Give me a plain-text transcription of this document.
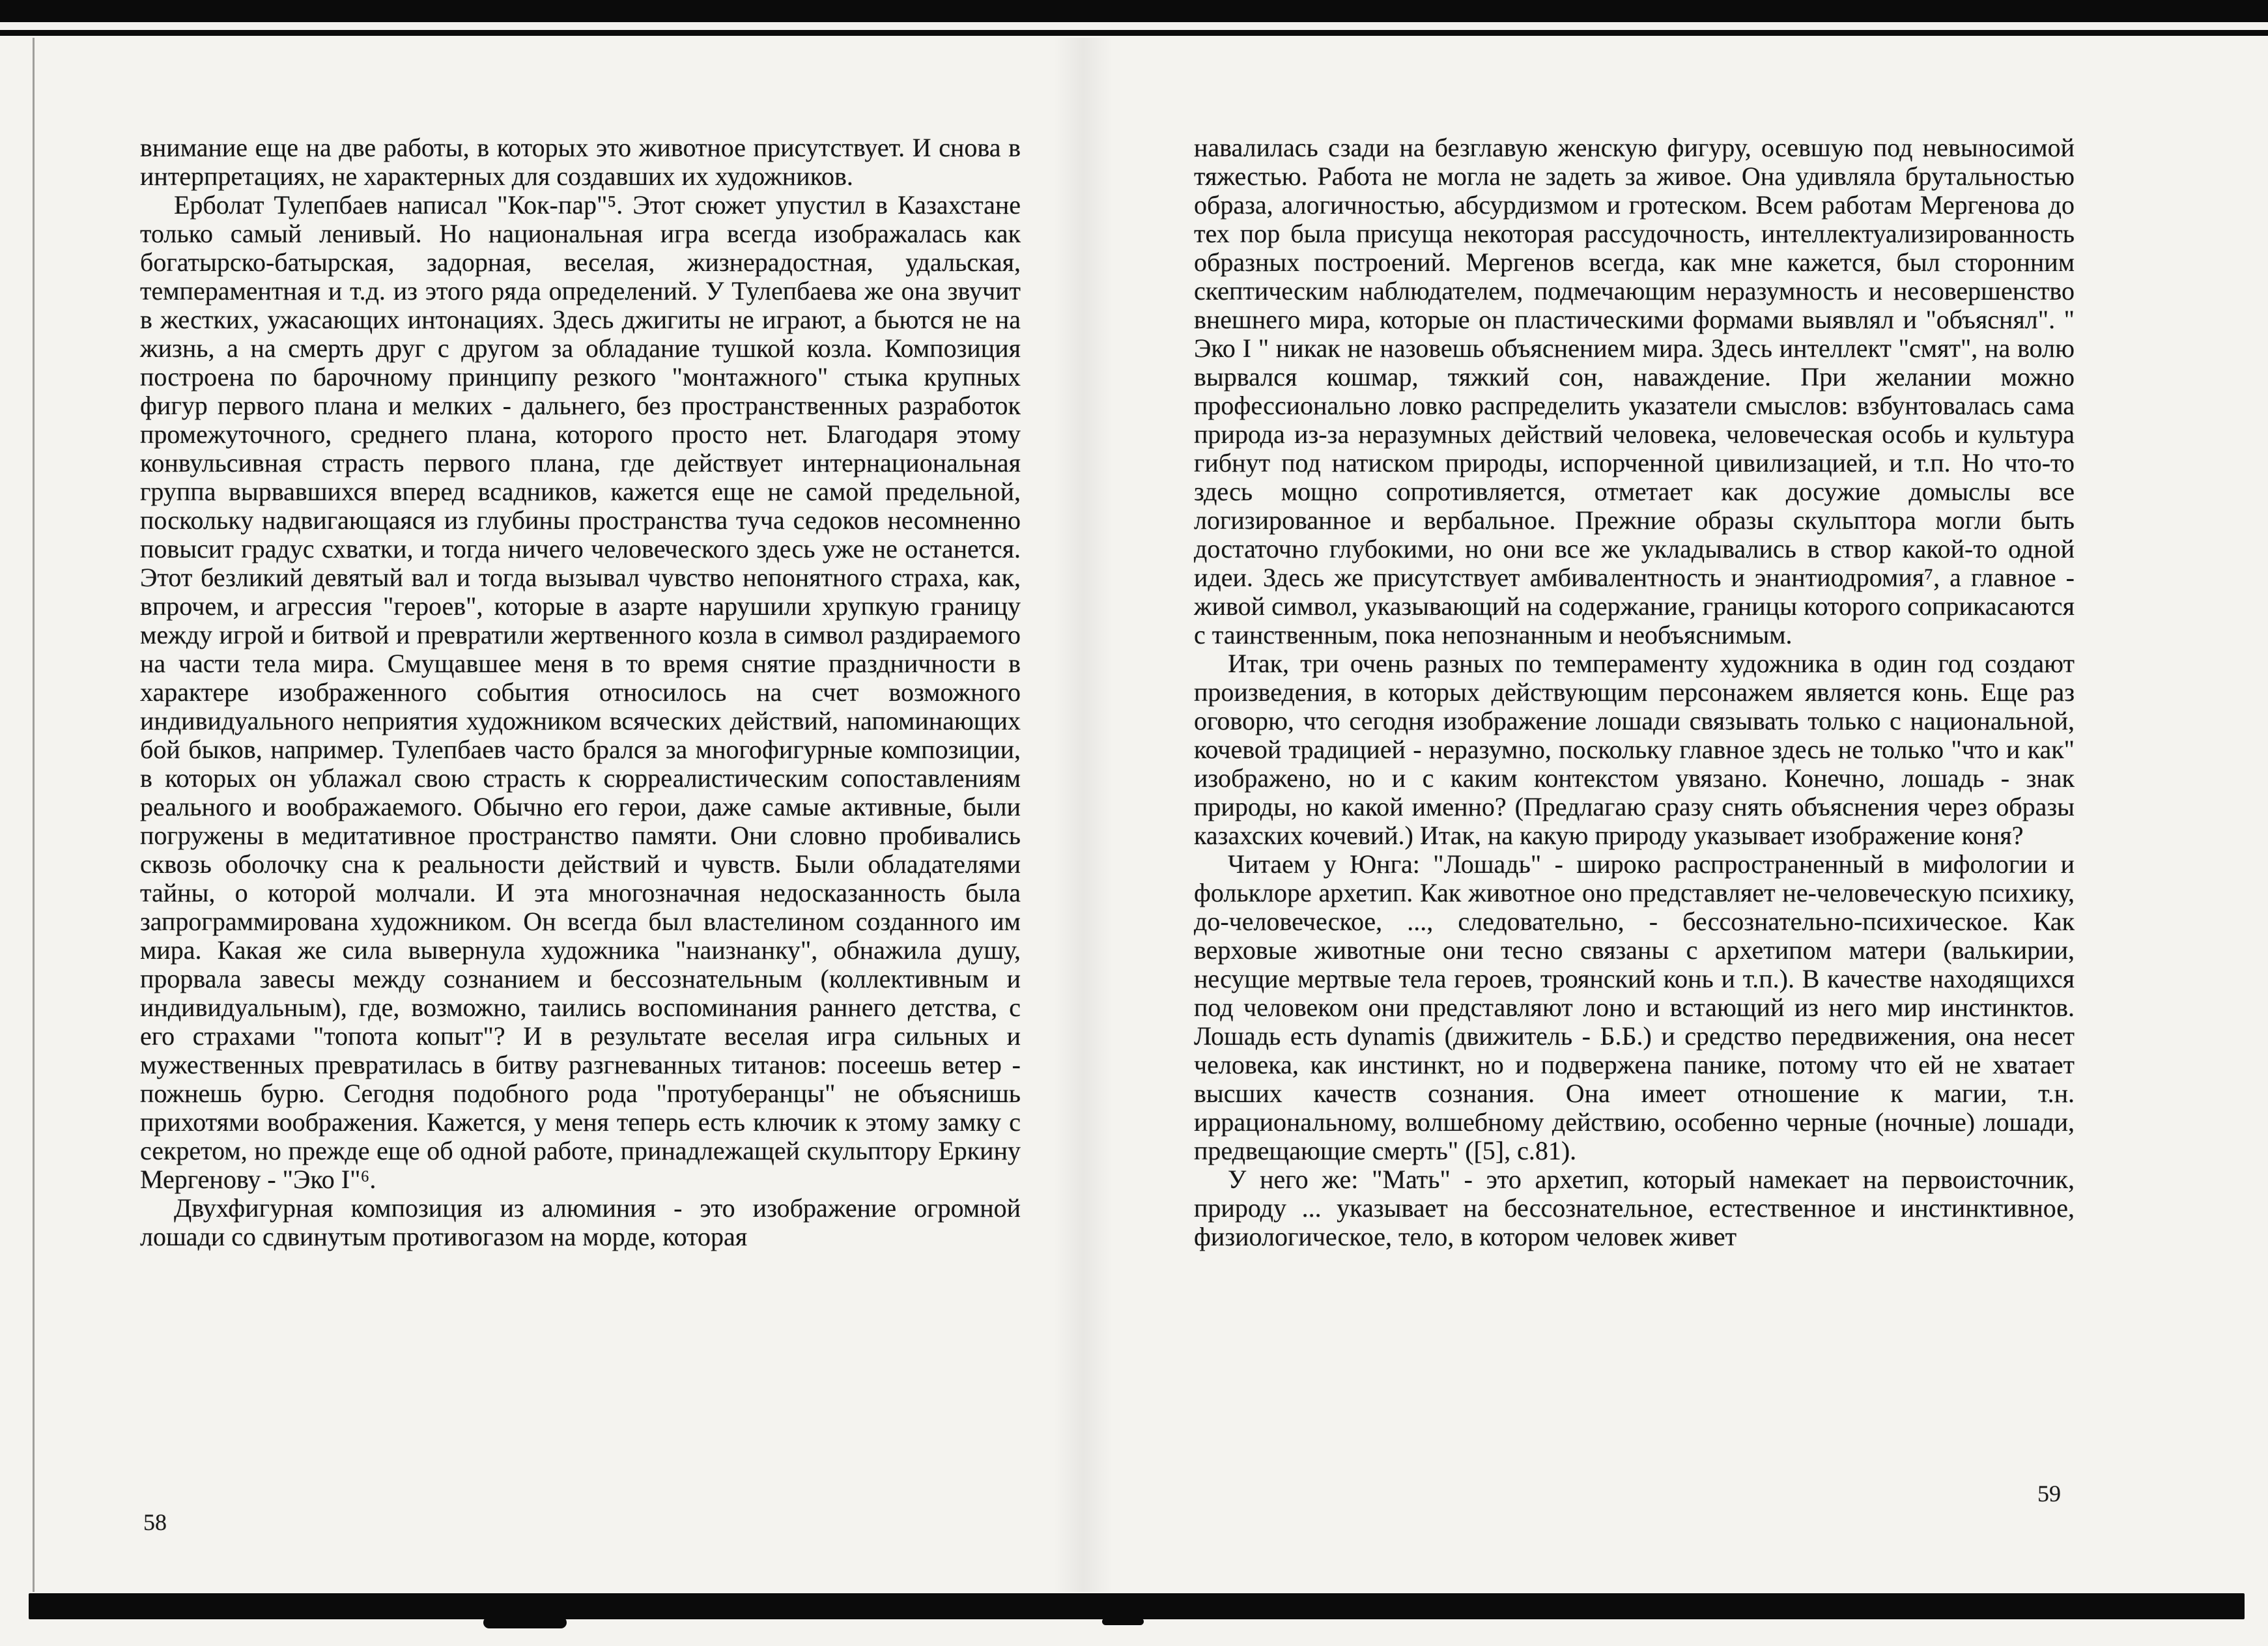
внимание еще на две работы, в которых это животное присутствует. И снова в интерпретациях, не характерных для создавших их художников.

Ерболат Тулепбаев написал "Кок-пар"⁵. Этот сюжет упустил в Казахстане только самый ленивый. Но национальная игра всегда изображалась как богатырско-батырская, задорная, веселая, жизнерадостная, удальская, темпераментная и т.д. из этого ряда определений. У Тулепбаева же она звучит в жестких, ужасающих интонациях. Здесь джигиты не играют, а бьются не на жизнь, а на смерть друг с другом за обладание тушкой козла. Композиция построена по барочному принципу резкого "монтажного" стыка крупных фигур первого плана и мелких - дальнего, без пространственных разработок промежуточного, среднего плана, которого просто нет. Благодаря этому конвульсивная страсть первого плана, где действует интернациональная группа вырвавшихся вперед всадников, кажется еще не самой предельной, поскольку надвигающаяся из глубины пространства туча седоков несомненно повысит градус схватки, и тогда ничего человеческого здесь уже не останется. Этот безликий девятый вал и тогда вызывал чувство непонятного страха, как, впрочем, и агрессия "героев", которые в азарте нарушили хрупкую границу между игрой и битвой и превратили жертвенного козла в символ раздираемого на части тела мира. Смущавшее меня в то время снятие праздничности в характере изображенного события относилось на счет возможного индивидуального неприятия художником всяческих действий, напоминающих бой быков, например. Тулепбаев часто брался за многофигурные композиции, в которых он ублажал свою страсть к сюрреалистическим сопоставлениям реального и воображаемого. Обычно его герои, даже самые активные, были погружены в медитативное пространство памяти. Они словно пробивались сквозь оболочку сна к реальности действий и чувств. Были обладателями тайны, о которой молчали. И эта многозначная недосказанность была запрограммирована художником. Он всегда был властелином созданного им мира. Какая же сила вывернула художника "наизнанку", обнажила душу, прорвала завесы между сознанием и бессознательным (коллективным и индивидуальным), где, возможно, таились воспоминания раннего детства, с его страхами "топота копыт"? И в результате веселая игра сильных и мужественных превратилась в битву разгневанных титанов: посеешь ветер - пожнешь бурю. Сегодня подобного рода "протуберанцы" не объяснишь прихотями воображения. Кажется, у меня теперь есть ключик к этому замку с секретом, но прежде еще об одной работе, принадлежащей скульптору Еркину Мергенову - "Эко I"⁶.

Двухфигурная композиция из алюминия - это изображение огромной лошади со сдвинутым противогазом на морде, которая

навалилась сзади на безглавую женскую фигуру, осевшую под невыносимой тяжестью. Работа не могла не задеть за живое. Она удивляла брутальностью образа, алогичностью, абсурдизмом и гротеском. Всем работам Мергенова до тех пор была присуща некоторая рассудочность, интеллектуализированность образных построений. Мергенов всегда, как мне кажется, был сторонним скептическим наблюдателем, подмечающим неразумность и несовершенство внешнего мира, которые он пластическими формами выявлял и "объяснял". " Эко I " никак не назовешь объяснением мира. Здесь интеллект "смят", на волю вырвался кошмар, тяжкий сон, наваждение. При желании можно профессионально ловко распределить указатели смыслов: взбунтовалась сама природа из-за неразумных действий человека, человеческая особь и культура гибнут под натиском природы, испорченной цивилизацией, и т.п. Но что-то здесь мощно сопротивляется, отметает как досужие домыслы все логизированное и вербальное. Прежние образы скульптора могли быть достаточно глубокими, но они все же укладывались в створ какой-то одной идеи. Здесь же присутствует амбивалентность и энантиодромия⁷, а главное - живой символ, указывающий на содержание, границы которого соприкасаются с таинственным, пока непознанным и необъяснимым.

Итак, три очень разных по темпераменту художника в один год создают произведения, в которых действующим персонажем является конь. Еще раз оговорю, что сегодня изображение лошади связывать только с национальной, кочевой традицией - неразумно, поскольку главное здесь не только "что и как" изображено, но и с каким контекстом увязано. Конечно, лошадь - знак природы, но какой именно? (Предлагаю сразу снять объяснения через образы казахских кочевий.) Итак, на какую природу указывает изображение коня?

Читаем у Юнга: "Лошадь" - широко распространенный в мифологии и фольклоре архетип. Как животное оно представляет не-человеческую психику, до-человеческое, ..., следовательно, - бессознательно-психическое. Как верховые животные они тесно связаны с архетипом матери (валькирии, несущие мертвые тела героев, троянский конь и т.п.). В качестве находящихся под человеком они представляют лоно и встающий из него мир инстинктов. Лошадь есть dynamis (движитель - Б.Б.) и средство передвижения, она несет человека, как инстинкт, но и подвержена панике, потому что ей не хватает высших качеств сознания. Она имеет отношение к магии, т.н. иррациональному, волшебному действию, особенно черные (ночные) лошади, предвещающие смерть" ([5], с.81).

У него же: "Мать" - это архетип, который намекает на первоисточник, природу ... указывает на бессознательное, естественное и инстинктивное, физиологическое, тело, в котором человек живет

58
59
